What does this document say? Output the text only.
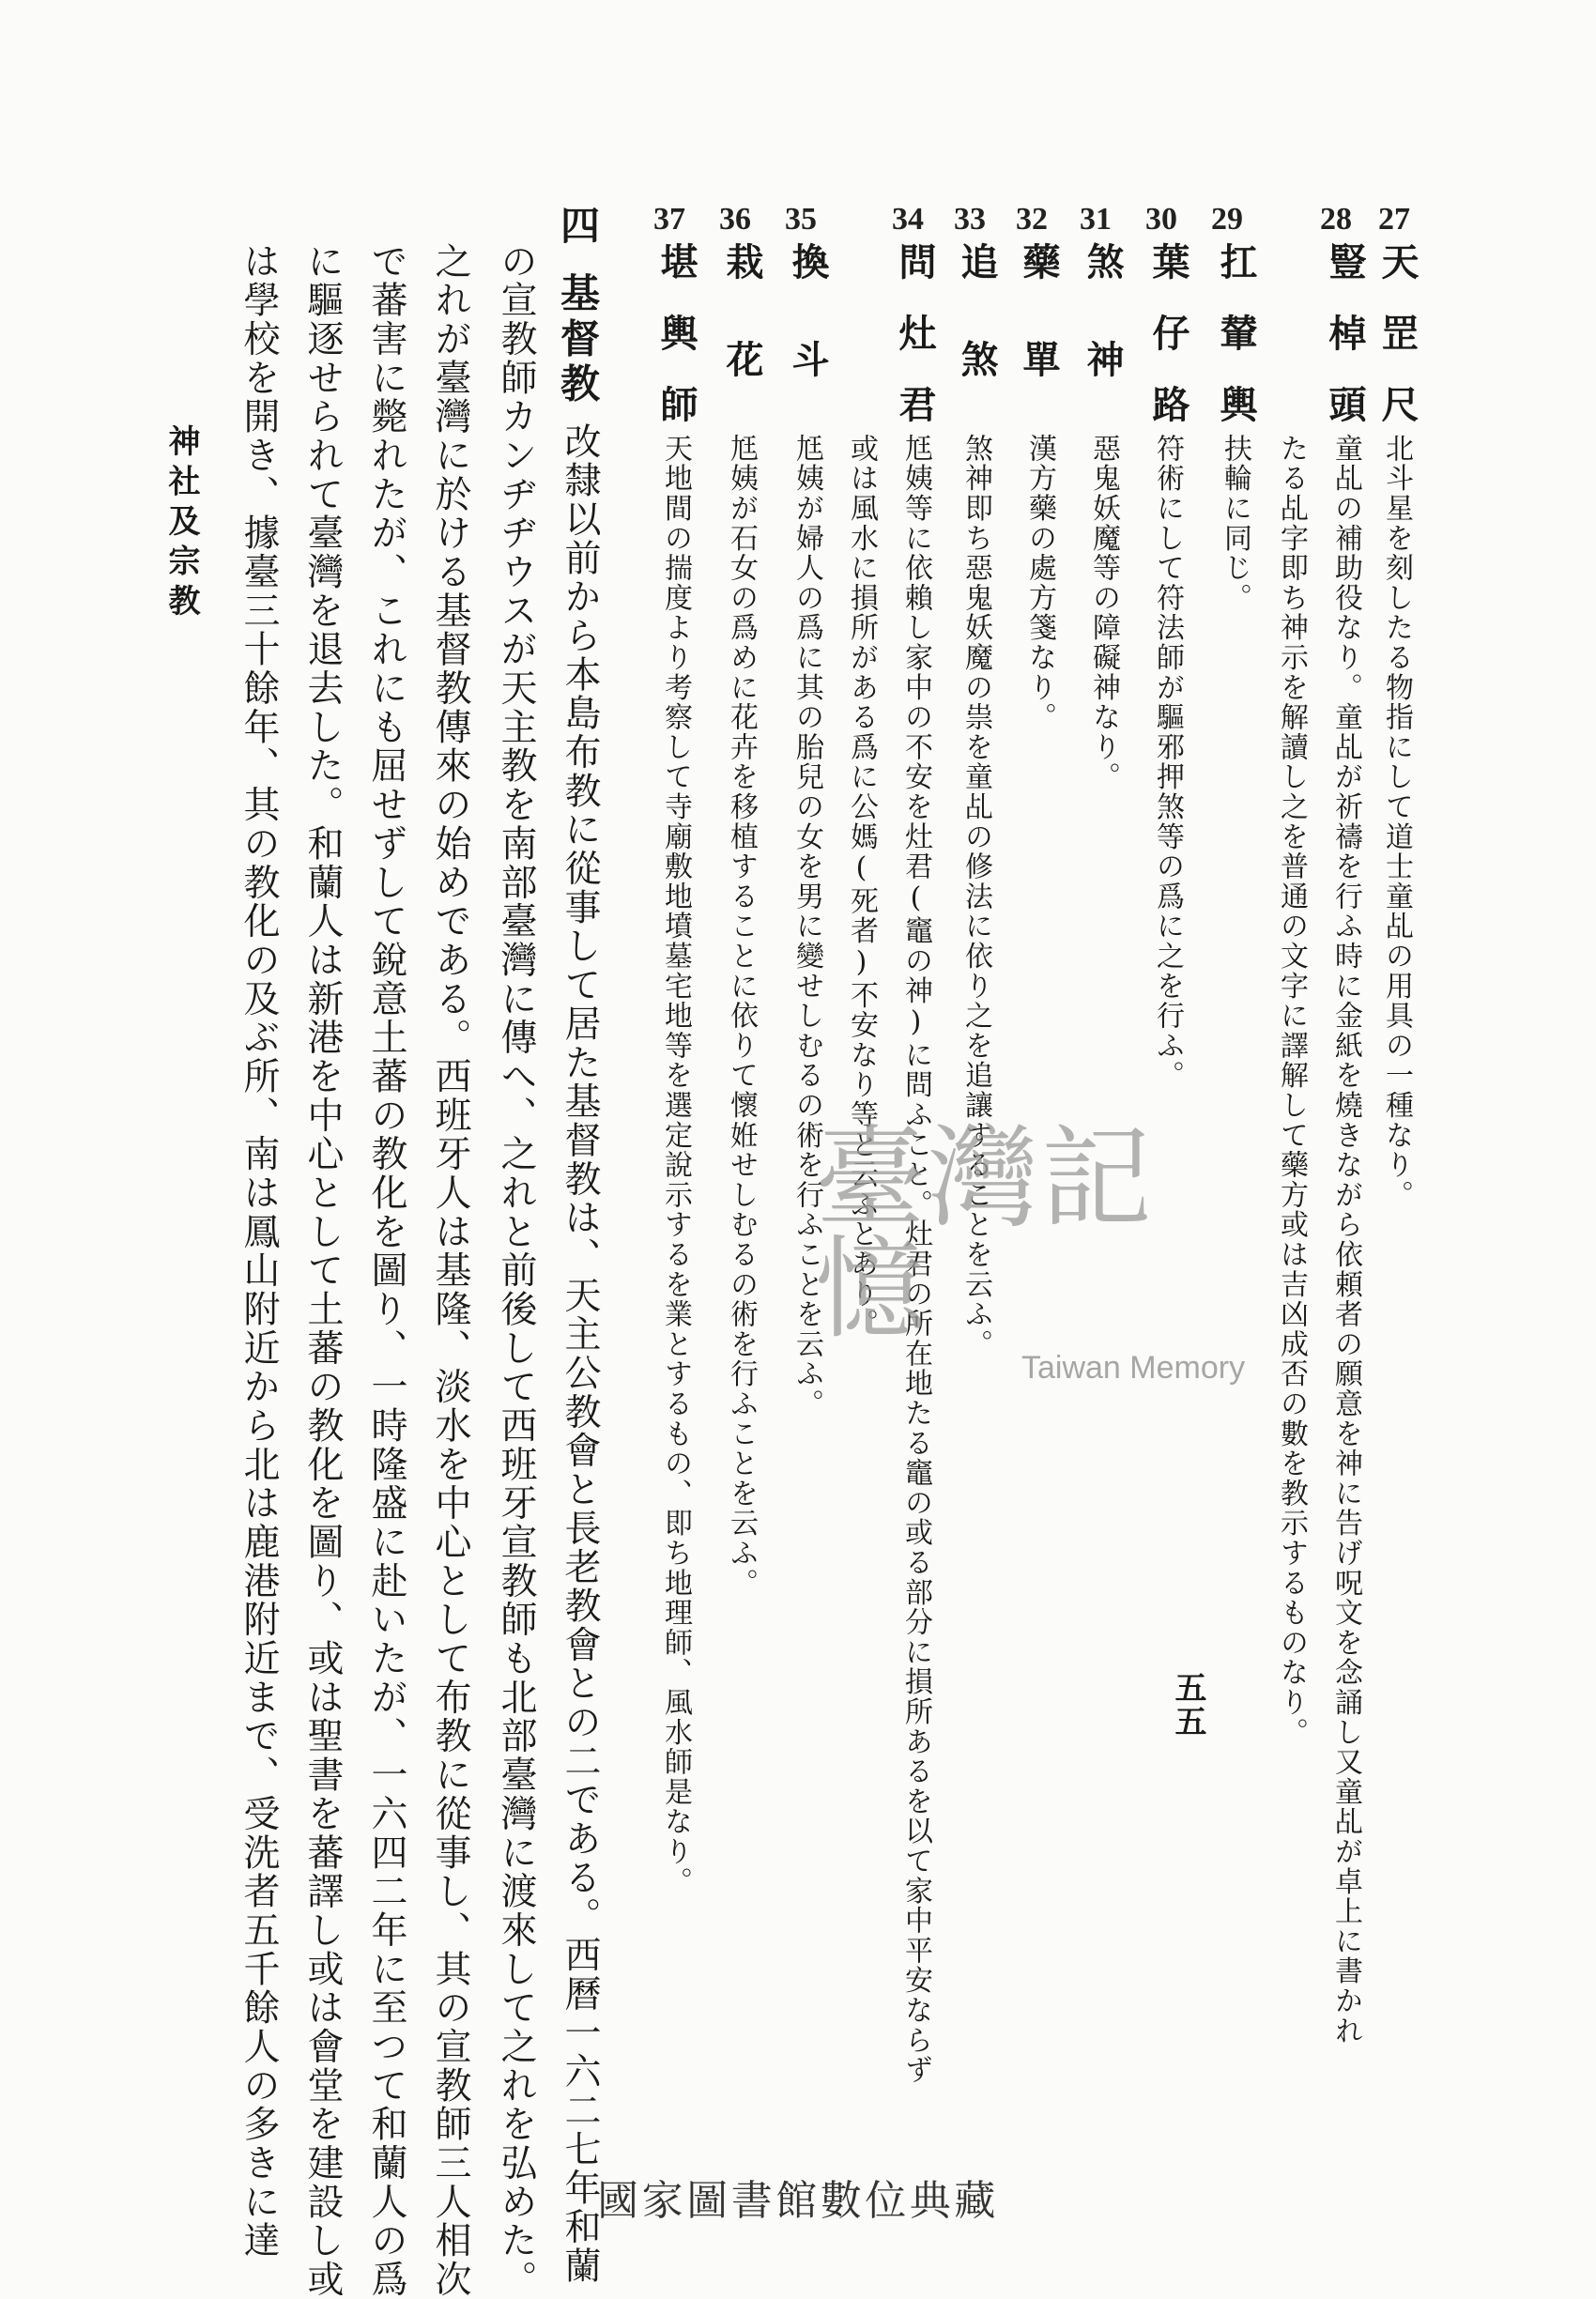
27
天罡尺
北斗星を刻したる物指にして道士童乩の用具の一種なり。
28
豎棹頭
童乩の補助役なり。童乩が祈禱を行ふ時に金紙を燒きながら依頼者の願意を神に告げ呪文を念誦し又童乩が卓上に書かれ
たる乩字即ち神示を解讀し之を普通の文字に譯解して藥方或は吉凶成否の數を教示するものなり。
29
扛輦輿
扶輪に同じ。
30
葉仔路
符術にして符法師が驅邪押煞等の爲に之を行ふ。
31
煞神
惡鬼妖魔等の障礙神なり。
32
藥單
漢方藥の處方箋なり。
33
追煞
煞神即ち惡鬼妖魔の祟を童乩の修法に依り之を追讓することを云ふ。
34
問灶君
尪姨等に依賴し家中の不安を灶君(竈の神)に問ふこと。灶君の所在地たる竈の或る部分に損所あるを以て家中平安ならず
或は風水に損所がある爲に公媽(死者)不安なり等と云ふとあり。
35
換斗
尪姨が婦人の爲に其の胎兒の女を男に變せしむるの術を行ふことを云ふ。
36
栽花
尪姨が石女の爲めに花卉を移植することに依りて懷姙せしむるの術を行ふことを云ふ。
37
堪輿師
天地間の揣度より考察して寺廟敷地墳墓宅地等を選定說示するを業とするもの、即ち地理師、風水師是なり。
四
基督教
改隸以前から本島布教に從事して居た基督教は、天主公教會と長老教會との二である。西曆一六二七年和蘭
の宣教師カンヂヂウスが天主教を南部臺灣に傳へ、之れと前後して西班牙宣教師も北部臺灣に渡來して之れを弘めた。
之れが臺灣に於ける基督教傳來の始めである。西班牙人は基隆、淡水を中心として布教に從事し、其の宣教師三人相次
で蕃害に斃れたが、これにも屈せずして銳意土蕃の教化を圖り、一時隆盛に赴いたが、一六四二年に至つて和蘭人の爲
に驅逐せられて臺灣を退去した。和蘭人は新港を中心として土蕃の教化を圖り、或は聖書を蕃譯し或は會堂を建設し或
は學校を開き、據臺三十餘年、其の教化の及ぶ所、南は鳳山附近から北は鹿港附近まで、受洗者五千餘人の多きに達
神社及宗教
五五
臺灣記憶
Taiwan Memory
國家圖書館數位典藏
